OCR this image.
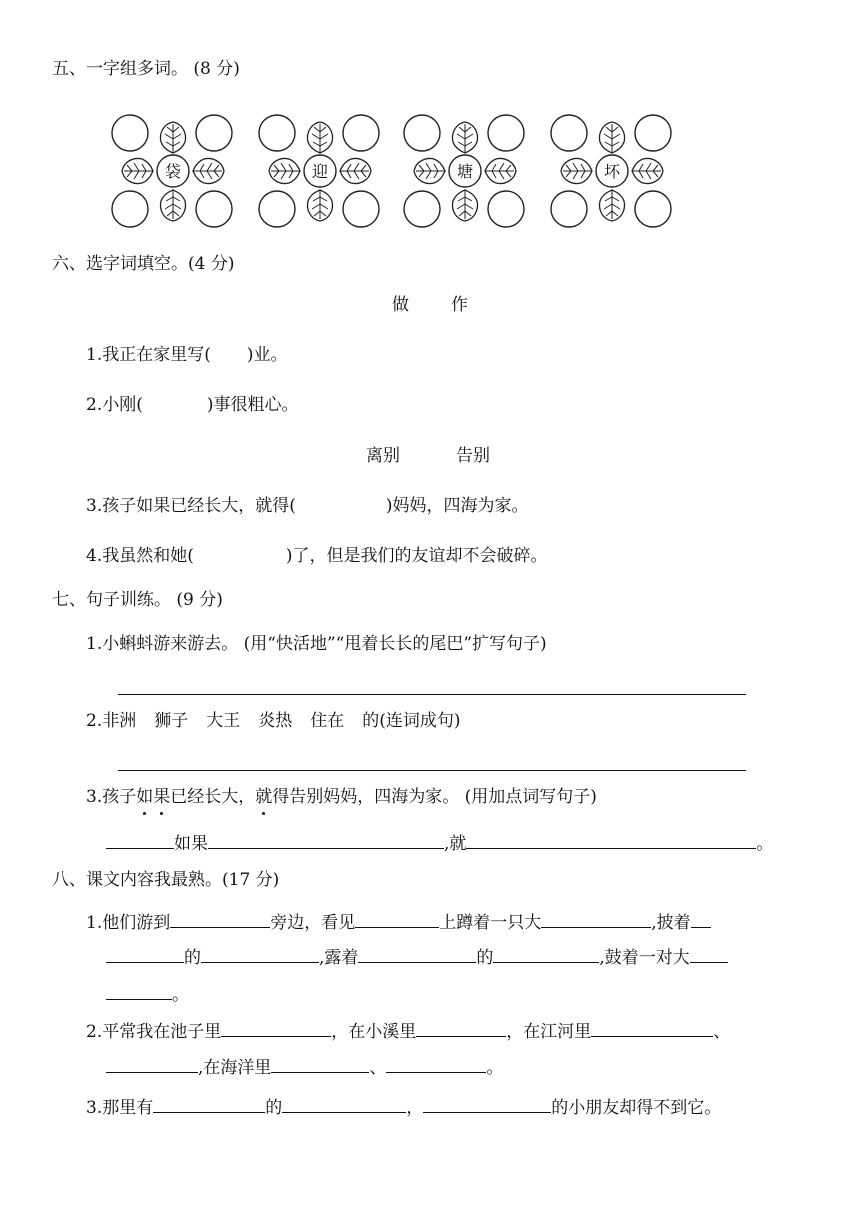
五、一字组多词。 (8 分)
袋	迎	塘	坏
六、选字词填空。(4 分)
做 作
1.我正在家里写( )业。
2.小刚(	)事很粗心。
离别	告别
3.孩子如果已经长大，就得(	)妈妈，四海为家。
4.我虽然和她(	)了，但是我们的友谊却不会破碎。
七、句子训练。 (9 分)
1.小蝌蚪游来游去。 (用“快活地”“甩着长长的尾巴”扩写句子)
2.非洲 狮子 大王 炎热 住在 的(连词成句)
3.孩子如果已经长大，就得告别妈妈，四海为家。 (用加点词写句子)
如果	,就	。
八、课文内容我最熟。(17 分)
1.他们游到	旁边，看见	上蹲着一只大	,披着
的	,露着	的	,鼓着一对大
。
2.平常我在池子里	，在小溪里	，在江河里	、
,在海洋里	、	。
3.那里有	的	，	的小朋友却得不到它。
